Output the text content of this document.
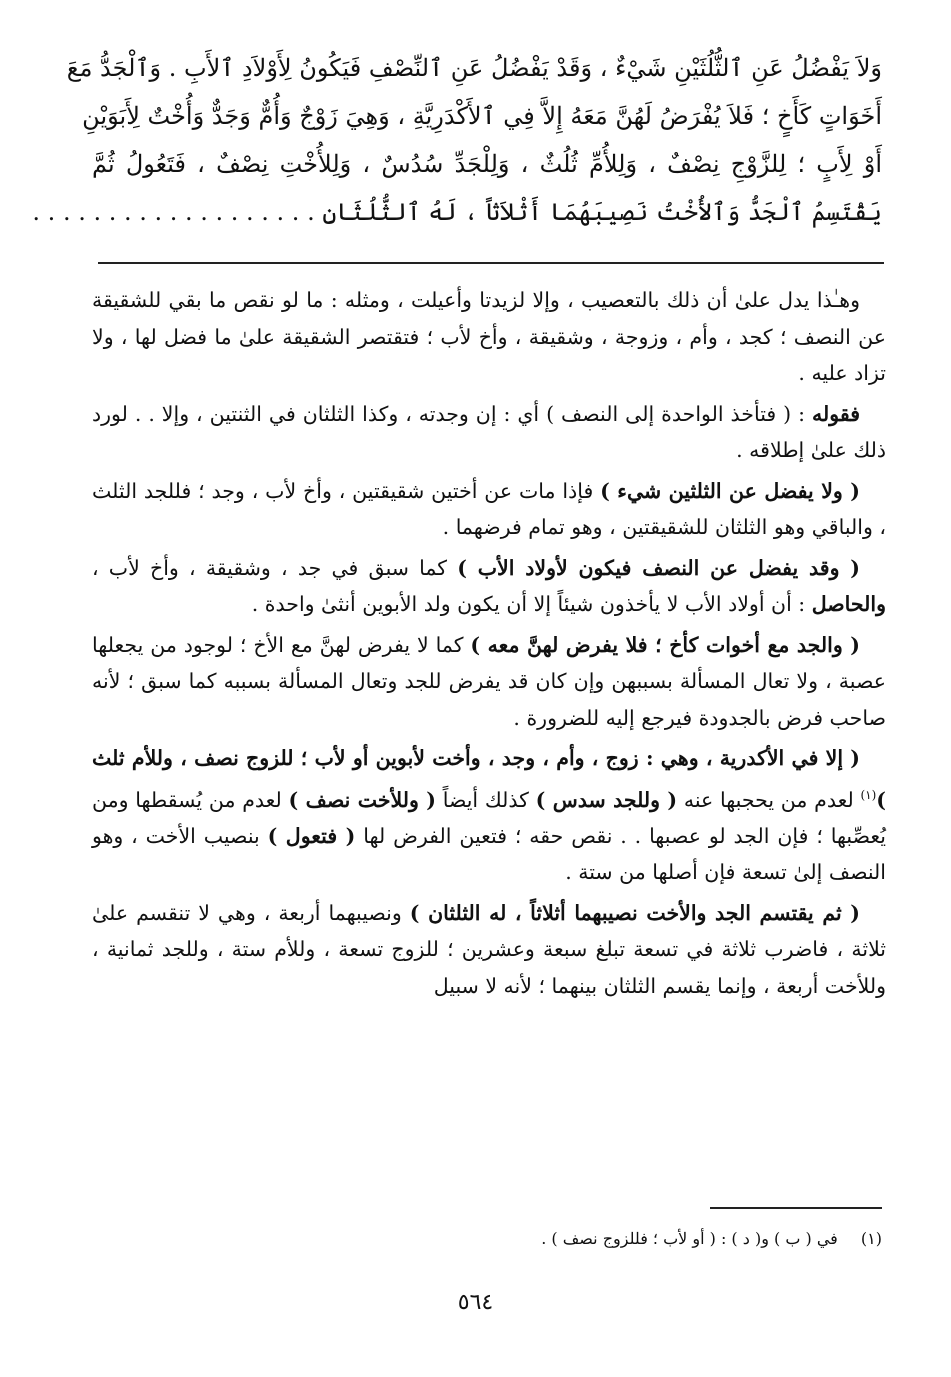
وَلاَ يَفْضُلُ عَنِ ٱلثُّلُثَيْنِ شَيْءٌ ، وَقَدْ يَفْضُلُ عَنِ ٱلنِّصْفِ فَيَكُونُ لِأَوْلاَدِ ٱلأَبِ . وَٱلْجَدُّ مَعَ
أَخَوَاتٍ كَأَخٍ ؛ فَلاَ يُفْرَضُ لَهُنَّ مَعَهُ إِلاَّ فِي ٱلأَكْدَرِيَّةِ ، وَهِيَ زَوْجٌ وَأُمٌّ وَجَدٌّ وَأُخْتٌ لِأَبَوَيْنِ
أَوْ لِأَبٍ ؛ لِلزَّوْجِ نِصْفٌ ، وَلِلأُمِّ ثُلُثٌ ، وَلِلْجَدِّ سُدُسٌ ، وَلِلأُخْتِ نِصْفٌ ، فَتَعُولُ ثُمَّ
يَقْتَسِمُ ٱلْجَدُّ وَٱلأُخْتُ نَصِيبَهُمَا أَثْلاَثاً ، لَهُ ٱلثُّلُثَانِ . . . . . . . . . . . . . . . . . . .

وهـٰذا يدل علىٰ أن ذلك بالتعصيب ، وإلا لزيدتا وأعيلت ، ومثله : ما لو نقص ما بقي للشقيقة عن النصف ؛ كجد ، وأم ، وزوجة ، وشقيقة ، وأخ لأب ؛ فتقتصر الشقيقة علىٰ ما فضل لها ، ولا تزاد عليه .

فقوله : ( فتأخذ الواحدة إلى النصف ) أي : إن وجدته ، وكذا الثلثان في الثنتين ، وإلا . . لورد ذلك علىٰ إطلاقه .

( ولا يفضل عن الثلثين شيء ) فإذا مات عن أختين شقيقتين ، وأخ لأب ، وجد ؛ فللجد الثلث ، والباقي وهو الثلثان للشقيقتين ، وهو تمام فرضهما .

( وقد يفضل عن النصف فيكون لأولاد الأب ) كما سبق في جد ، وشقيقة ، وأخ لأب ، والحاصل : أن أولاد الأب لا يأخذون شيئاً إلا أن يكون ولد الأبوين أنثىٰ واحدة .

( والجد مع أخوات كأخ ؛ فلا يفرض لهنَّ معه ) كما لا يفرض لهنَّ مع الأخ ؛ لوجود من يجعلها عصبة ، ولا تعال المسألة بسببهن وإن كان قد يفرض للجد وتعال المسألة بسببه كما سبق ؛ لأنه صاحب فرض بالجدودة فيرجع إليه للضرورة .

( إلا في الأكدرية ، وهي : زوج ، وأم ، وجد ، وأخت لأبوين أو لأب ؛ للزوج نصف ، وللأم ثلث )$^{(١)}$ لعدم من يحجبها عنه ( وللجد سدس ) كذلك أيضاً ( وللأخت نصف ) لعدم من يُسقطها ومن يُعصِّبها ؛ فإن الجد لو عصبها . . نقص حقه ؛ فتعين الفرض لها ( فتعول ) بنصيب الأخت ، وهو النصف إلىٰ تسعة فإن أصلها من ستة .

( ثم يقتسم الجد والأخت نصيبهما أثلاثاً ، له الثلثان ) ونصيبهما أربعة ، وهي لا تنقسم علىٰ ثلاثة ، فاضرب ثلاثة في تسعة تبلغ سبعة وعشرين ؛ للزوج تسعة ، وللأم ستة ، وللجد ثمانية ، وللأخت أربعة ، وإنما يقسم الثلثان بينهما ؛ لأنه لا سبيل

(١) في ( ب ) و( د ) : ( أو لأب ؛ فللزوج نصف ) .
٥٦٤
